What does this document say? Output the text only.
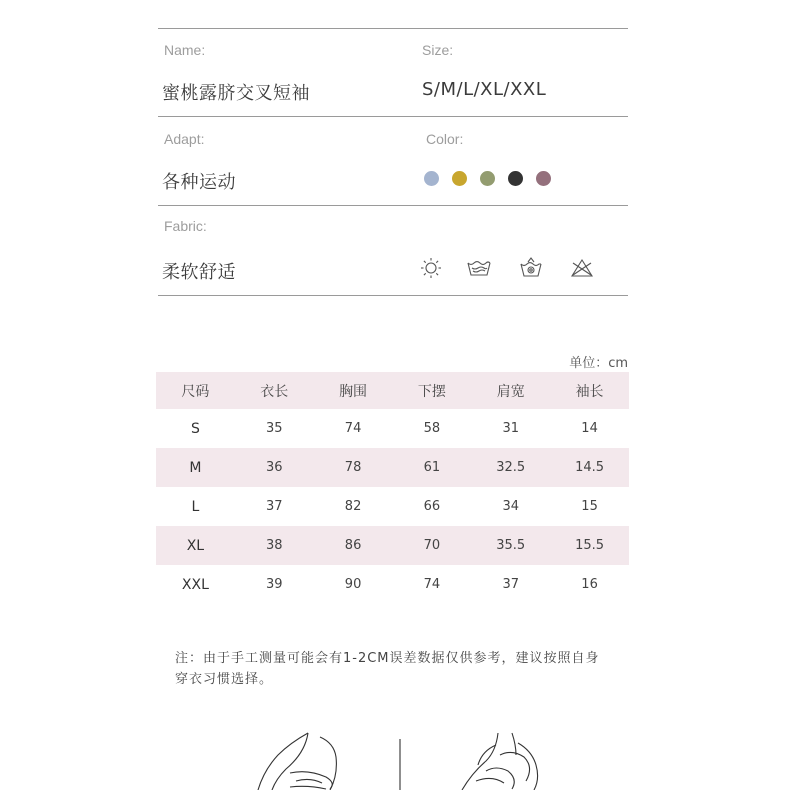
Name:
蜜桃露脐交叉短袖
Size:
S/M/L/XL/XXL
Adapt:
各种运动
Color:
Fabric:
柔软舒适
单位：cm
尺码	衣长	胸围	下摆	肩宽	袖长
S	35	74	58	31	14
M	36	78	61	32.5	14.5
L	37	82	66	34	15
XL	38	86	70	35.5	15.5
XXL	39	90	74	37	16
注：由于手工测量可能会有1-2CM误差数据仅供参考，建议按照自身
穿衣习惯选择。
